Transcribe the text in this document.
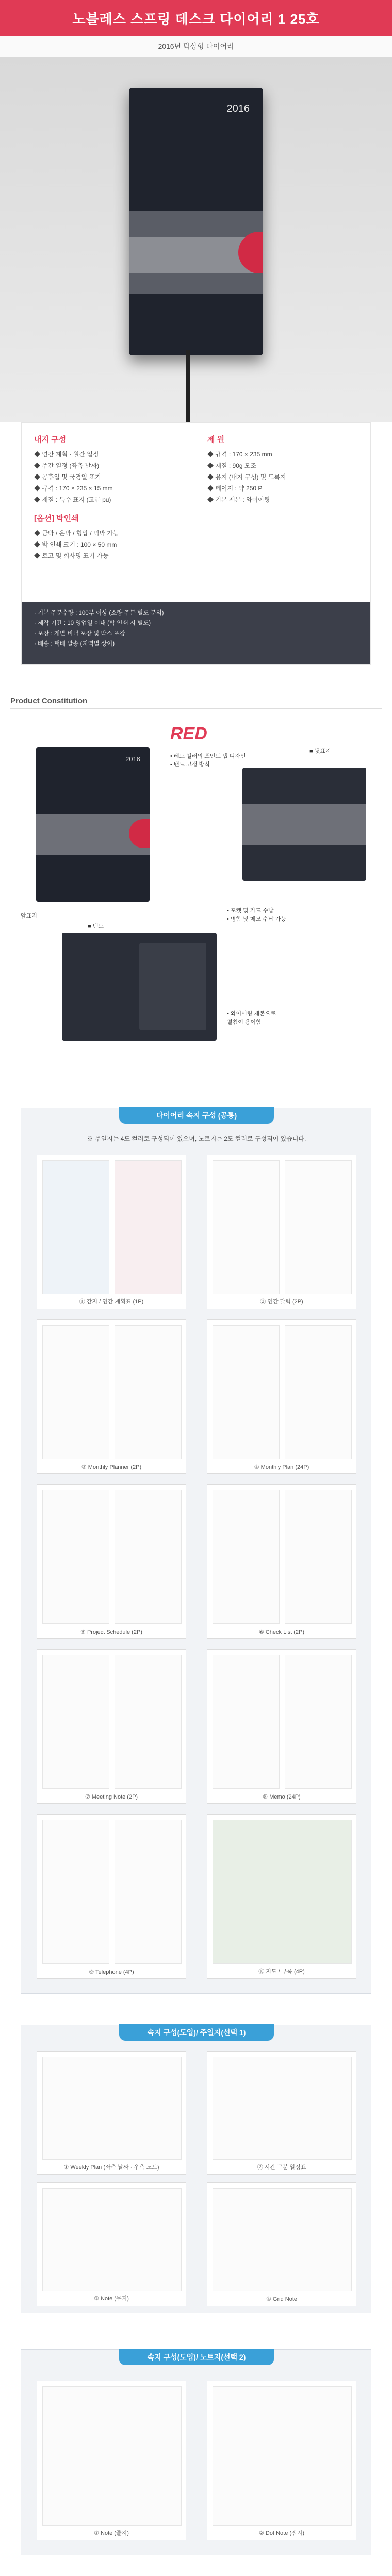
노블레스 스프링 데스크 다이어리 1 25호
2016년 탁상형 다이어리
2016
내지 구성
◆ 연간 계획 · 월간 일정
◆ 주간 일정 (좌측 날짜)
◆ 공휴일 및 국경일 표기
◆ 규격 : 170 × 235 × 15 mm
◆ 재질 : 특수 표지 (고급 pu)
[옵션] 박인쇄
◆ 금박 / 은박 / 형압 / 먹박 가능
◆ 박 인쇄 크기 : 100 × 50 mm
◆ 로고 및 회사명 표기 가능
제 원
◆ 규격 : 170 × 235 mm
◆ 재질 : 90g 모조
◆ 용지 (내지 구성) 및 도록지
◆ 페이지 : 약 250 P
◆ 기본 제본 : 와이어링
· 기본 주문수량 : 100부 이상 (소량 주문 별도 문의)
· 제작 기간 : 10 영업일 이내 (박 인쇄 시 별도)
· 포장 : 개별 비닐 포장 및 박스 포장
· 배송 : 택배 발송 (지역별 상이)
Product Constitution
RED
2016
앞표지
• 레드 컬러의 포인트 탭 디자인
• 밴드 고정 방식
■ 뒷표지
■ 밴드
• 포켓 및 카드 수납
• 명함 및 메모 수납 가능
• 와이어링 제본으로
펼침이 용이함
다이어리 속지 구성 (공통)
※ 주일지는 4도 컬러로 구성되어 있으며, 노트지는 2도 컬러로 구성되어 있습니다.
① 간지 / 연간 계획표 (1P)	② 연간 달력 (2P)
③ Monthly Planner (2P)	④ Monthly Plan (24P)
⑤ Project Schedule (2P)	⑥ Check List (2P)
⑦ Meeting Note (2P)	⑧ Memo (24P)
⑨ Telephone (4P)	⑩ 지도 / 부록 (4P)
속지 구성(도입)/ 주일지(선택 1)
① Weekly Plan (좌측 날짜 · 우측 노트)	② 시간 구분 일정표
③ Note (무지)	④ Grid Note
속지 구성(도입)/ 노트지(선택 2)
① Note (줄지)	② Dot Note (점지)
